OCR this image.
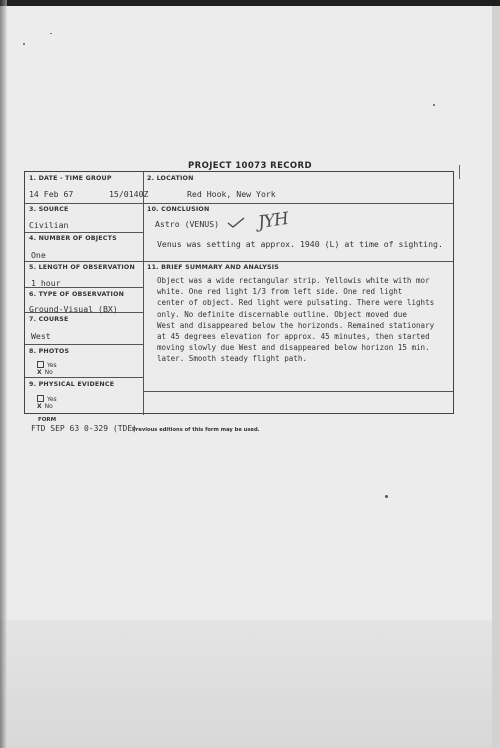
PROJECT 10073 RECORD
1. DATE - TIME GROUP
14 Feb 67	15/0140Z
2. LOCATION
Red Hook, New York
3. SOURCE
Civilian
10. CONCLUSION
Astro (VENUS) JYH
Venus was setting at approx. 1940 (L) at time of sighting.
4. NUMBER OF OBJECTS
One
5. LENGTH OF OBSERVATION
1 hour
11. BRIEF SUMMARY AND ANALYSIS
Object was a wide rectangular strip. Yellowis white with mor
white. One red light 1/3 from left side. One red light
center of object. Red light were pulsating. There were lights
only. No definite discernable outline. Object moved due
West and disappeared below the horizonds. Remained stationary
at 45 degrees elevation for approx. 45 minutes, then started
moving slowly due West and disappeared below horizon 15 min.
later. Smooth steady flight path.
6. TYPE OF OBSERVATION
Ground-Visual (BX)
7. COURSE
West
8. PHOTOS
Yes
X No
9. PHYSICAL EVIDENCE
Yes
X No
FORM
FTD SEP 63 0-329 (TDE)
Previous editions of this form may be used.
